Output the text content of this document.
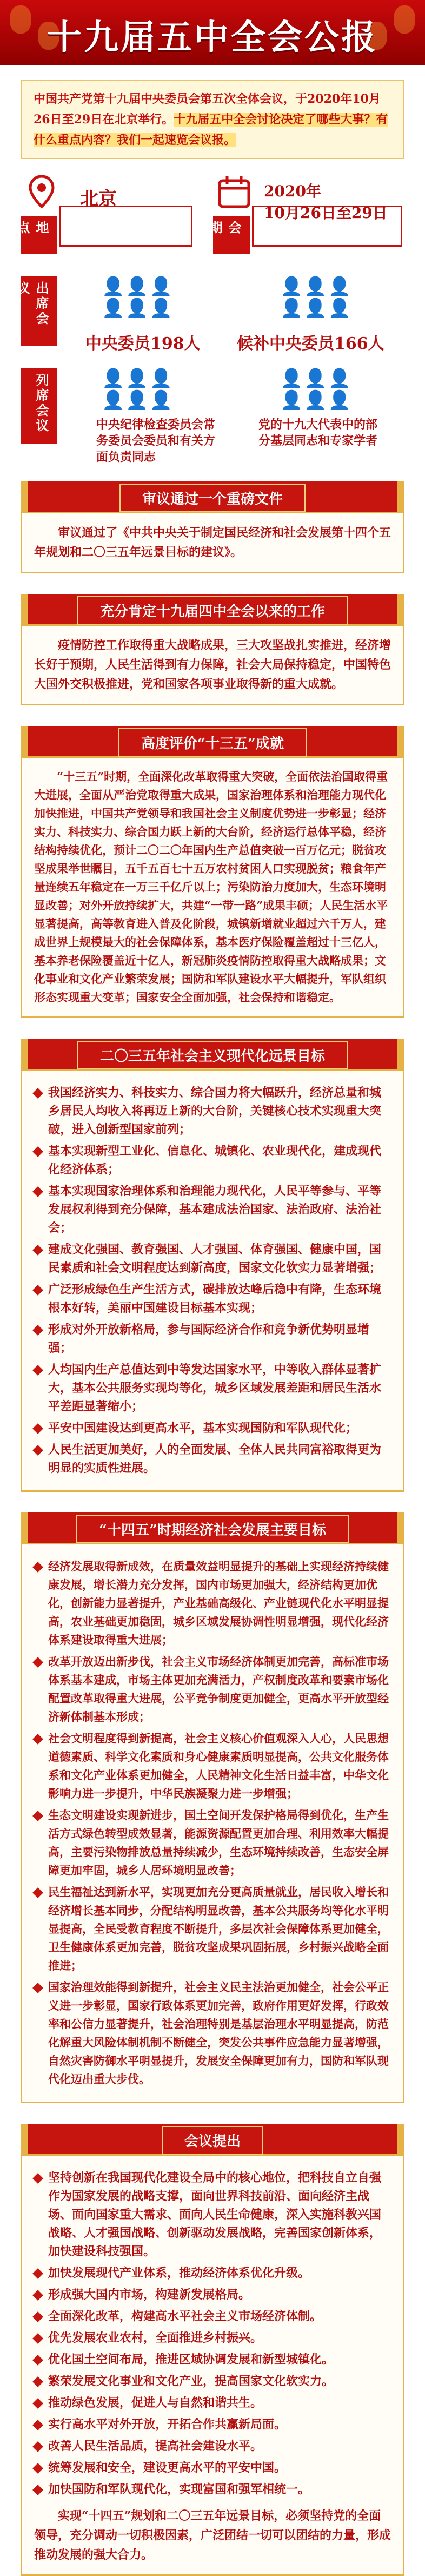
十九届五中全会公报
中国共产党第十九届中央委员会第五次全体会议，于2020年10月26日至29日在北京举行。十九届五中全会讨论决定了哪些大事？有什么重点内容？我们一起速览会议报。
地点
北京
会期
2020年
10月26日至29日
出席会议	👤👤👤
👤👤👤
中央委员198人
👤👤👤
👤👤👤
候补中央委员166人
列席会议	👤👤👤
👤👤👤
中央纪律检查委员会常务委员会委员和有关方面负责同志
👤👤👤
👤👤👤
党的十九大代表中的部分基层同志和专家学者
审议通过一个重磅文件
审议通过了《中共中央关于制定国民经济和社会发展第十四个五年规划和二〇三五年远景目标的建议》。
充分肯定十九届四中全会以来的工作
疫情防控工作取得重大战略成果，三大攻坚战扎实推进，经济增长好于预期，人民生活得到有力保障，社会大局保持稳定，中国特色大国外交积极推进，党和国家各项事业取得新的重大成就。
高度评价“十三五”成就
“十三五”时期，全面深化改革取得重大突破，全面依法治国取得重大进展，全面从严治党取得重大成果，国家治理体系和治理能力现代化加快推进，中国共产党领导和我国社会主义制度优势进一步彰显；经济实力、科技实力、综合国力跃上新的大台阶，经济运行总体平稳，经济结构持续优化，预计二〇二〇年国内生产总值突破一百万亿元；脱贫攻坚成果举世瞩目，五千五百七十五万农村贫困人口实现脱贫；粮食年产量连续五年稳定在一万三千亿斤以上；污染防治力度加大，生态环境明显改善；对外开放持续扩大，共建“一带一路”成果丰硕；人民生活水平显著提高，高等教育进入普及化阶段，城镇新增就业超过六千万人，建成世界上规模最大的社会保障体系，基本医疗保险覆盖超过十三亿人，基本养老保险覆盖近十亿人，新冠肺炎疫情防控取得重大战略成果；文化事业和文化产业繁荣发展；国防和军队建设水平大幅提升，军队组织形态实现重大变革；国家安全全面加强，社会保持和谐稳定。
二〇三五年社会主义现代化远景目标
我国经济实力、科技实力、综合国力将大幅跃升，经济总量和城乡居民人均收入将再迈上新的大台阶，关键核心技术实现重大突破，进入创新型国家前列；
基本实现新型工业化、信息化、城镇化、农业现代化，建成现代化经济体系；
基本实现国家治理体系和治理能力现代化，人民平等参与、平等发展权利得到充分保障，基本建成法治国家、法治政府、法治社会；
建成文化强国、教育强国、人才强国、体育强国、健康中国，国民素质和社会文明程度达到新高度，国家文化软实力显著增强；
广泛形成绿色生产生活方式，碳排放达峰后稳中有降，生态环境根本好转，美丽中国建设目标基本实现；
形成对外开放新格局，参与国际经济合作和竞争新优势明显增强；
人均国内生产总值达到中等发达国家水平，中等收入群体显著扩大，基本公共服务实现均等化，城乡区域发展差距和居民生活水平差距显著缩小；
平安中国建设达到更高水平，基本实现国防和军队现代化；
人民生活更加美好，人的全面发展、全体人民共同富裕取得更为明显的实质性进展。
“十四五”时期经济社会发展主要目标
经济发展取得新成效，在质量效益明显提升的基础上实现经济持续健康发展，增长潜力充分发挥，国内市场更加强大，经济结构更加优化，创新能力显著提升，产业基础高级化、产业链现代化水平明显提高，农业基础更加稳固，城乡区域发展协调性明显增强，现代化经济体系建设取得重大进展；
改革开放迈出新步伐，社会主义市场经济体制更加完善，高标准市场体系基本建成，市场主体更加充满活力，产权制度改革和要素市场化配置改革取得重大进展，公平竞争制度更加健全，更高水平开放型经济新体制基本形成；
社会文明程度得到新提高，社会主义核心价值观深入人心，人民思想道德素质、科学文化素质和身心健康素质明显提高，公共文化服务体系和文化产业体系更加健全，人民精神文化生活日益丰富，中华文化影响力进一步提升，中华民族凝聚力进一步增强；
生态文明建设实现新进步，国土空间开发保护格局得到优化，生产生活方式绿色转型成效显著，能源资源配置更加合理、利用效率大幅提高，主要污染物排放总量持续减少，生态环境持续改善，生态安全屏障更加牢固，城乡人居环境明显改善；
民生福祉达到新水平，实现更加充分更高质量就业，居民收入增长和经济增长基本同步，分配结构明显改善，基本公共服务均等化水平明显提高，全民受教育程度不断提升，多层次社会保障体系更加健全，卫生健康体系更加完善，脱贫攻坚成果巩固拓展，乡村振兴战略全面推进；
国家治理效能得到新提升，社会主义民主法治更加健全，社会公平正义进一步彰显，国家行政体系更加完善，政府作用更好发挥，行政效率和公信力显著提升，社会治理特别是基层治理水平明显提高，防范化解重大风险体制机制不断健全，突发公共事件应急能力显著增强，自然灾害防御水平明显提升，发展安全保障更加有力，国防和军队现代化迈出重大步伐。
会议提出
坚持创新在我国现代化建设全局中的核心地位，把科技自立自强作为国家发展的战略支撑，面向世界科技前沿、面向经济主战场、面向国家重大需求、面向人民生命健康，深入实施科教兴国战略、人才强国战略、创新驱动发展战略，完善国家创新体系，加快建设科技强国。
加快发展现代产业体系，推动经济体系优化升级。
形成强大国内市场，构建新发展格局。
全面深化改革，构建高水平社会主义市场经济体制。
优先发展农业农村，全面推进乡村振兴。
优化国土空间布局，推进区域协调发展和新型城镇化。
繁荣发展文化事业和文化产业，提高国家文化软实力。
推动绿色发展，促进人与自然和谐共生。
实行高水平对外开放，开拓合作共赢新局面。
改善人民生活品质，提高社会建设水平。
统筹发展和安全，建设更高水平的平安中国。
加快国防和军队现代化，实现富国和强军相统一。
实现“十四五”规划和二〇三五年远景目标，必须坚持党的全面领导，充分调动一切积极因素，广泛团结一切可以团结的力量，形成推动发展的强大合力。
